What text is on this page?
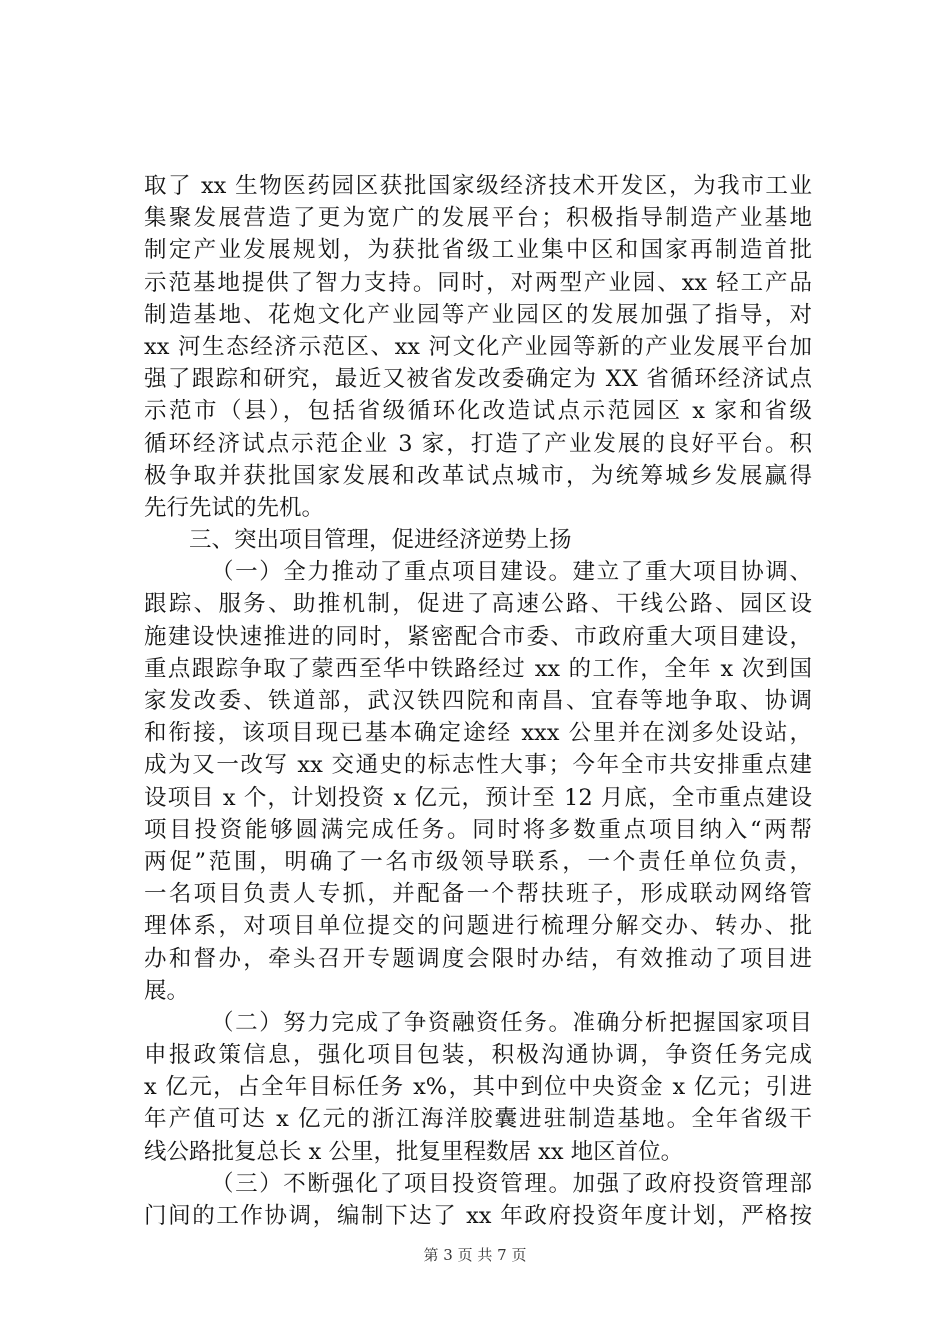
取了 xx 生物医药园区获批国家级经济技术开发区，为我市工业
集聚发展营造了更为宽广的发展平台；积极指导制造产业基地
制定产业发展规划，为获批省级工业集中区和国家再制造首批
示范基地提供了智力支持。同时，对两型产业园、xx 轻工产品
制造基地、花炮文化产业园等产业园区的发展加强了指导，对
xx 河生态经济示范区、xx 河文化产业园等新的产业发展平台加
强了跟踪和研究，最近又被省发改委确定为 XX 省循环经济试点
示范市（县），包括省级循环化改造试点示范园区 x 家和省级
循环经济试点示范企业 3 家，打造了产业发展的良好平台。积
极争取并获批国家发展和改革试点城市，为统筹城乡发展赢得
先行先试的先机。
三、突出项目管理，促进经济逆势上扬
（一）全力推动了重点项目建设。建立了重大项目协调、
跟踪、服务、助推机制，促进了高速公路、干线公路、园区设
施建设快速推进的同时，紧密配合市委、市政府重大项目建设，
重点跟踪争取了蒙西至华中铁路经过 xx 的工作，全年 x 次到国
家发改委、铁道部，武汉铁四院和南昌、宜春等地争取、协调
和衔接，该项目现已基本确定途经 xxx 公里并在浏多处设站，
成为又一改写 xx 交通史的标志性大事；今年全市共安排重点建
设项目 x 个，计划投资 x 亿元，预计至 12 月底，全市重点建设
项目投资能够圆满完成任务。同时将多数重点项目纳入“两帮
两促”范围，明确了一名市级领导联系，一个责任单位负责，
一名项目负责人专抓，并配备一个帮扶班子，形成联动网络管
理体系，对项目单位提交的问题进行梳理分解交办、转办、批
办和督办，牵头召开专题调度会限时办结，有效推动了项目进
展。
（二）努力完成了争资融资任务。准确分析把握国家项目
申报政策信息，强化项目包装，积极沟通协调，争资任务完成
x 亿元，占全年目标任务 x%，其中到位中央资金 x 亿元；引进
年产值可达 x 亿元的浙江海洋胶囊进驻制造基地。全年省级干
线公路批复总长 x 公里，批复里程数居 xx 地区首位。
（三）不断强化了项目投资管理。加强了政府投资管理部
门间的工作协调，编制下达了 xx 年政府投资年度计划，严格按
第 3 页 共 7 页
